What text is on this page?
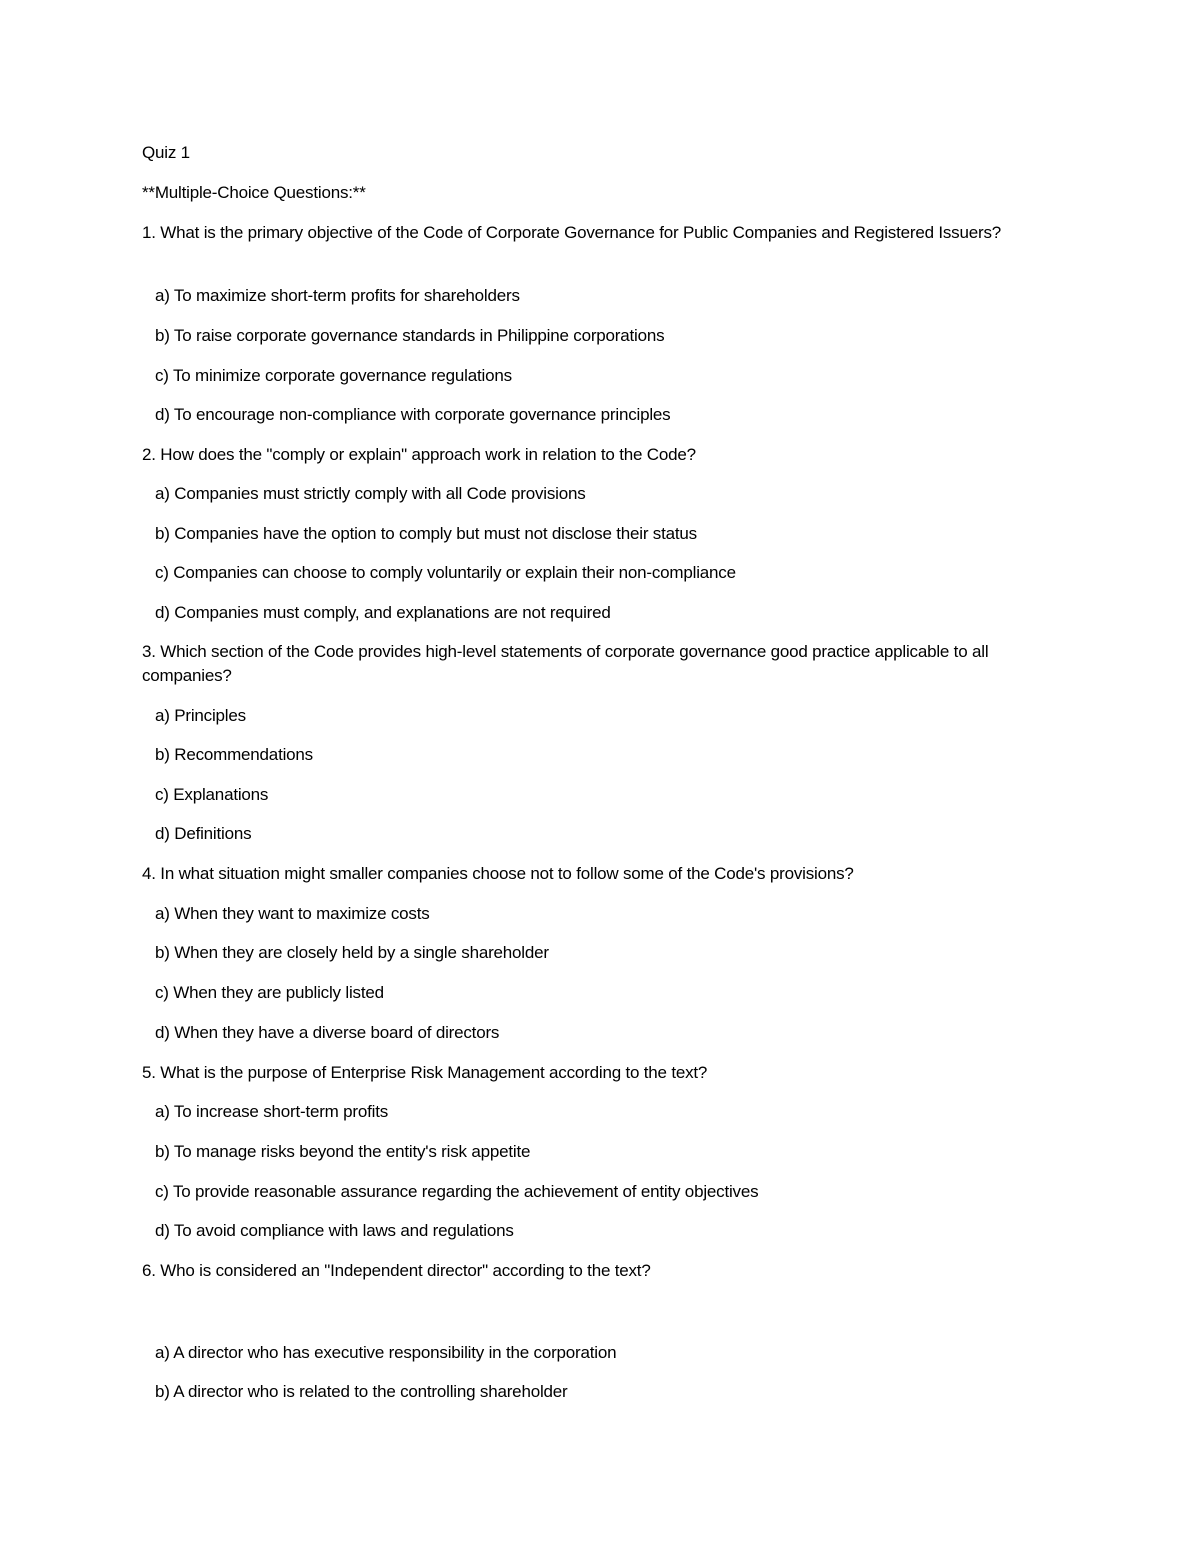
Quiz 1
**Multiple-Choice Questions:**
1. What is the primary objective of the Code of Corporate Governance for Public Companies and Registered Issuers?
a) To maximize short-term profits for shareholders
b) To raise corporate governance standards in Philippine corporations
c) To minimize corporate governance regulations
d) To encourage non-compliance with corporate governance principles
2. How does the "comply or explain" approach work in relation to the Code?
a) Companies must strictly comply with all Code provisions
b) Companies have the option to comply but must not disclose their status
c) Companies can choose to comply voluntarily or explain their non-compliance
d) Companies must comply, and explanations are not required
3. Which section of the Code provides high-level statements of corporate governance good practice applicable to all companies?
a) Principles
b) Recommendations
c) Explanations
d) Definitions
4. In what situation might smaller companies choose not to follow some of the Code's provisions?
a) When they want to maximize costs
b) When they are closely held by a single shareholder
c) When they are publicly listed
d) When they have a diverse board of directors
5. What is the purpose of Enterprise Risk Management according to the text?
a) To increase short-term profits
b) To manage risks beyond the entity's risk appetite
c) To provide reasonable assurance regarding the achievement of entity objectives
d) To avoid compliance with laws and regulations
6. Who is considered an "Independent director" according to the text?
a) A director who has executive responsibility in the corporation
b) A director who is related to the controlling shareholder
